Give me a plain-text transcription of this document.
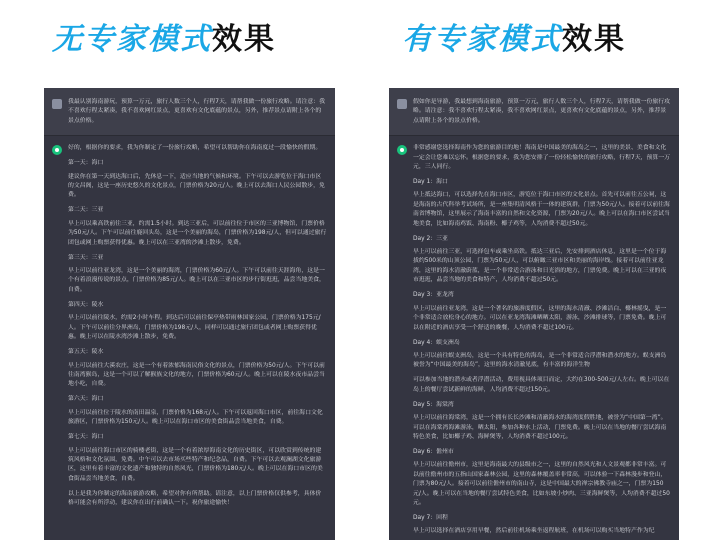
无专家模式效果	有专家模式效果
我最认别海南游玩，预算一万元，旅行人数三个人，行程7天，请帮我做一份旅行攻略。请注意：我不喜欢行程太紧凑，我不喜欢网红景点，更喜欢有文化底蕴的景点，另外，推荐景点请附上各个的景点价格。

好的，根据你的要求，我为你制定了一份旅行攻略，希望可以帮助你在海南度过一段愉快的假期。

第一天：海口

建议你在第一天到达海口后，先休息一下，适应当地的气候和环境。下午可以去游览位于海口市区的文昌阁，这是一座历史悠久的文化景点，门票价格为20元/人。晚上可以去海口人民公园散步，免费。

第二天：三亚

早上可以乘高铁前往三亚，约需1.5小时。到达三亚后，可以前往位于市区的三亚博物馆，门票价格为50元/人。下午可以前往鹿回头岛，这是一个美丽的海岛，门票价格为198元/人，但可以通过旅行团包或网上购票获得优惠。晚上可以在三亚湾的沙滩上散步，免费。

第三天：三亚

早上可以前往亚龙湾，这是一个美丽的海湾，门票价格为60元/人。下午可以前往天涯海角，这是一个有着浪漫传说的景点，门票价格为85元/人。晚上可以在三亚市区的步行街逛逛，品尝当地美食，自费。

第四天：陵水

早上可以前往陵水，约需2小时车程。到达后可以前往保亭热带雨林国家公园，门票价格为175元/人。下午可以前往分界洲岛，门票价格为198元/人，同样可以通过旅行团包或者网上购票获得优惠。晚上可以在陵水湾沙滩上散步，免费。

第五天：陵水

早上可以前往大溪农庄，这是一个有着浓郁海南民俗文化的景点，门票价格为50元/人。下午可以前往南湾猴岛，这是一个可以了解猴族文化的地方，门票价格为60元/人。晚上可以在陵水夜市品尝当地小吃，自费。

第六天：海口

早上可以前往位于陵水的南田温泉，门票价格为168元/人。下午可以返回海口市区，前往海口文化旅游区，门票价格为150元/人。晚上可以在海口市区的美食街品尝当地美食，自费。

第七天：海口

早上可以前往海口市区的骑楼老街，这是一个有着浓厚海南文化的历史街区，可以欣赏到传统的建筑风格和文化氛围，免费。中午可以去市场买些特产和纪念品，自费。下午可以去观澜湖文化旅游区，这里有着丰富的文化遗产和独特的自然风光，门票价格为180元/人。晚上可以在海口市区的美食街品尝当地美食，自费。

以上是我为你制定的海南旅游攻略，希望对你有所帮助。请注意，以上门票价格仅供参考，具体价格可能会有所浮动，建议你在出行前确认一下。祝你旅途愉快！

假如你是导游，我最想到海南旅游，预算一万元，旅行人数三个人，行程7天，请帮我做一份旅行攻略。请注意：我不喜欢行程太紧凑，我不喜欢网红景点，更喜欢有文化底蕴的景点，另外，推荐景点请附上各个的景点价格。

非常感谢您选择海南作为您的旅游目的地！海南是中国最美的海岛之一，这里的美景、美食和文化一定会让您难以忘怀。根据您的要求，我为您安排了一份轻松愉快的旅行攻略，行程7天，预算一万元，三人同行。

Day 1：海口

早上抵达海口，可以选择先在海口市区，游览位于海口市区的文化景点。首先可以前往五公祠，这是海南的古代科举考试场所，是一座集明清风格于一体的建筑群，门票为50元/人。接着可以前往海南省博物馆，这里展示了海南丰富的自然和文化资源，门票为20元/人。晚上可以在海口市区尝试当地美食，比如海南鸡饭、海南粉、椰子鸡等，人均消费不超过50元。

Day 2：三亚

早上可以前往三亚，可选择包车或乘坐高铁。抵达三亚后，先安排到酒店休息，这里是一个位于海拔约500米的山顶公园，门票为50元/人，可以俯瞰三亚市区和美丽的海岸线。接着可以前往亚龙湾，这里的海水清澈蔚蓝，是一个非常适合游泳和日光浴的地方，门票免费。晚上可以在三亚的夜市逛逛，品尝当地的美食和特产，人均消费不超过50元。

Day 3：亚龙湾

早上可以前往亚龙湾，这是一个著名的旅游度假区，这里的海水清澈、沙滩洁白、椰林摇曳，是一个非常适合放松身心的地方。可以在亚龙湾海滩晒晒太阳，游泳，沙滩排球等，门票免费。晚上可以在附近的酒店享受一个舒适的晚餐，人均消费不超过100元。

Day 4：蜈支洲岛

早上可以前往蜈支洲岛，这是一个具有特色的海岛，是一个非常适合浮潜和潜水的地方。蜈支洲岛被誉为“中国最美的海岛”，这里的海水清澈见底，有丰富的海洋生物

可以参加当地的潜水或者浮潜活动，费用视具体项目而定，大约在300-500元/人左右。晚上可以在岛上的餐厅尝试新鲜的海鲜，人均消费不超过150元。

Day 5：海棠湾

早上可以前往海棠湾，这是一个拥有长长沙滩和清澈海水的海湾度假胜地，被誉为“中国第一湾”。可以在海棠湾海滩游泳，晒太阳，参加各种水上活动，门票免费。晚上可以在当地的餐厅尝试海南特色美食，比如椰子鸡、海鲜煲等，人均消费不超过100元。

Day 6：儋州市

早上可以前往儋州市，这里是海南最大的县级市之一，这里的自然风光和人文景观都非常丰富。可以前往儋州市的五指山国家森林公园，这里的森林覆盖率非常高，可以体验一下森林漫步和登山，门票为80元/人。接着可以前往儋州市的南山寺，这是中国最大的禅宗佛教寺庙之一，门票为150元/人。晚上可以在当地的餐厅尝试特色美食，比如东坡小炒肉、三亚海鲜煲等，人均消费不超过50元。

Day 7：回程

早上可以选择在酒店享用早餐，然后前往机场乘坐返程航班，在机场可以购买当地特产作为纪
